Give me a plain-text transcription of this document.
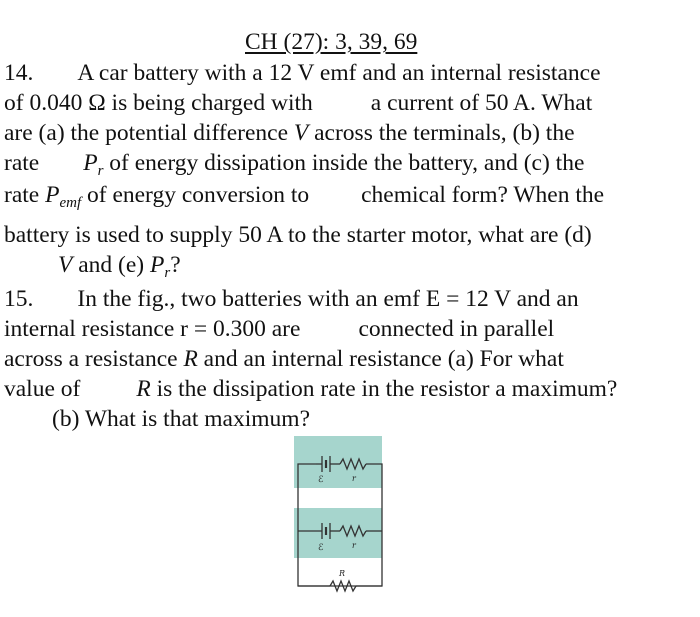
CH (27): 3, 39, 69
14. A car battery with a 12 V emf and an internal resistance
of 0.040 Ω is being charged with a current of 50 A. What
are (a) the potential difference V across the terminals, (b) the
rate $P_r$ of energy dissipation inside the battery, and (c) the
rate $P_{emf}$ of energy conversion to chemical form? When the
battery is used to supply 50 A to the starter motor, what are (d)
V and (e) $P_r$?
15. In the fig., two batteries with an emf E = 12 V and an
internal resistance r = 0.300 are connected in parallel
across a resistance R and an internal resistance (a) For what
value of R is the dissipation rate in the resistor a maximum?
(b) What is that maximum?
ℰ	r
ℰ	r
R
